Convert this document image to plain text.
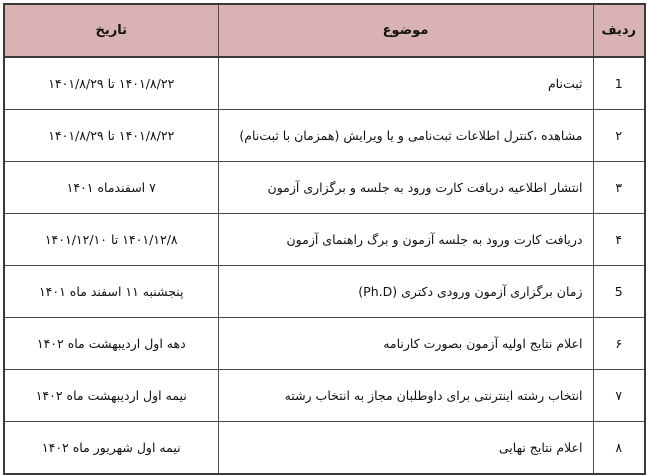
ردیف	موضوع	تاریخ
1	ثبت‌نام	۱۴۰۱/۸/۲۲ تا ۱۴۰۱/۸/۲۹
۲	مشاهده ،کنترل اطلاعات ثبت‌نامی و یا ویرایش (همزمان با ثبت‌نام)	۱۴۰۱/۸/۲۲ تا ۱۴۰۱/۸/۲۹
۳	انتشار اطلاعیه دریافت کارت ورود به جلسه و برگزاری آزمون	۷ اسفندماه ۱۴۰۱
۴	دریافت کارت ورود به جلسه آزمون و برگ راهنمای آزمون	۱۴۰۱/۱۲/۸ تا ۱۴۰۱/۱۲/۱۰
5	زمان برگزاری آزمون ورودی دکتری (Ph.D)	پنجشنبه ۱۱ اسفند ماه ۱۴۰۱
۶	اعلام نتایج اولیه آزمون بصورت کارنامه	دهه اول اردیبهشت ماه ۱۴۰۲
۷	انتخاب رشته اینترنتی برای داوطلبان مجاز به انتخاب رشته	نیمه اول اردیبهشت ماه ۱۴۰۲
۸	اعلام نتایج نهایی	نیمه اول شهریور ماه ۱۴۰۲
